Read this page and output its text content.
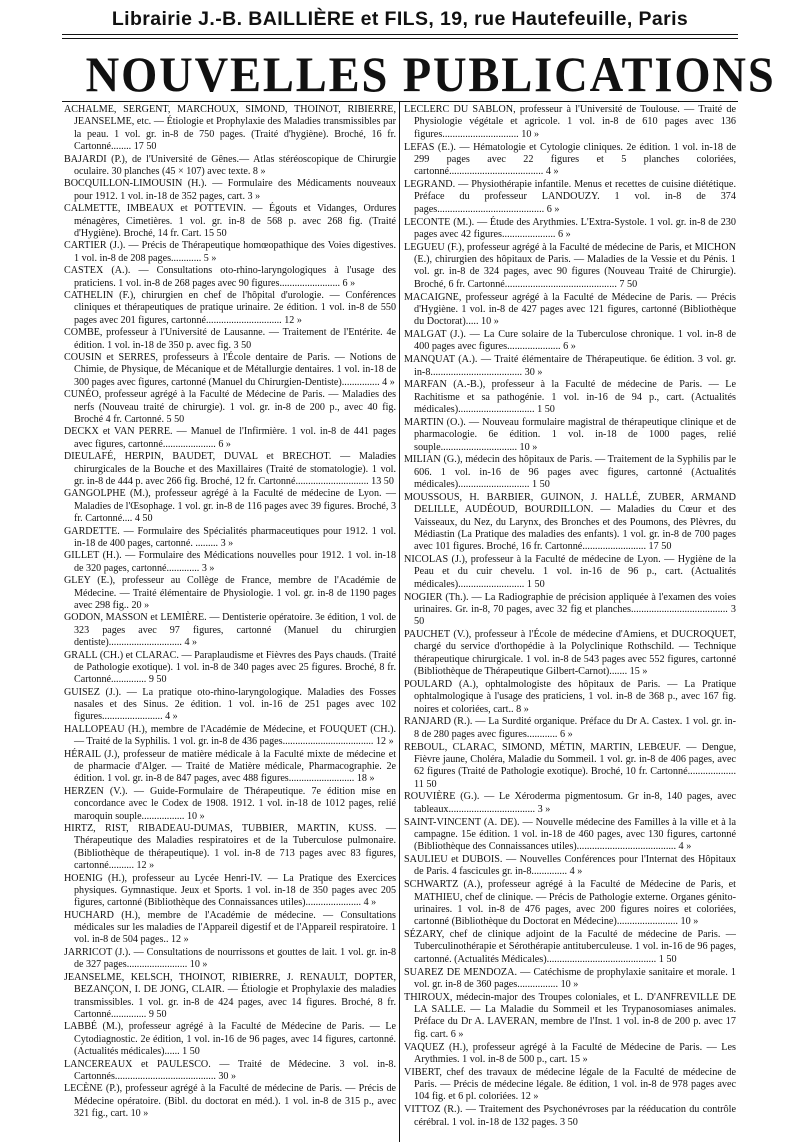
Librairie J.-B. BAILLIÈRE et FILS, 19, rue Hautefeuille, Paris
NOUVELLES PUBLICATIONS

ACHALME, SERGENT, MARCHOUX, SIMOND, THOINOT, RIBIERRE, JEANSELME, etc. — Étiologie et Prophylaxie des Maladies transmissibles par la peau. 1 vol. gr. in-8 de 750 pages. (Traité d'hygiène). Broché, 16 fr. Cartonné........ 17 50

BAJARDI (P.), de l'Université de Gênes.— Atlas stéréoscopique de Chirurgie oculaire. 30 planches (45 × 107) avec texte. 8 »

BOCQUILLON-LIMOUSIN (H.). — Formulaire des Médicaments nouveaux pour 1912. 1 vol. in-18 de 352 pages, cart. 3 »

CALMETTE, IMBEAUX et POTTEVIN. — Égouts et Vidanges, Ordures ménagères, Cimetières. 1 vol. gr. in-8 de 568 p. avec 268 fig. (Traité d'Hygiène). Broché, 14 fr. Cart. 15 50

CARTIER (J.). — Précis de Thérapeutique homœopathique des Voies digestives. 1 vol. in-8 de 208 pages............ 5 »

CASTEX (A.). — Consultations oto-rhino-laryngologiques à l'usage des praticiens. 1 vol. in-8 de 268 pages avec 90 figures........................ 6 »

CATHELIN (F.), chirurgien en chef de l'hôpital d'urologie. — Conférences cliniques et thérapeutiques de pratique urinaire. 2e édition. 1 vol. in-8 de 550 pages avec 201 figures, cartonné.............................. 12 »

COMBE, professeur à l'Université de Lausanne. — Traitement de l'Entérite. 4e édition. 1 vol. in-18 de 350 p. avec fig. 3 50

COUSIN et SERRES, professeurs à l'École dentaire de Paris. — Notions de Chimie, de Physique, de Mécanique et de Métallurgie dentaires. 1 vol. in-18 de 300 pages avec figures, cartonné (Manuel du Chirurgien-Dentiste)............... 4 »

CUNÉO, professeur agrégé à la Faculté de Médecine de Paris. — Maladies des nerfs (Nouveau traité de chirurgie). 1 vol. gr. in-8 de 200 p., avec 40 fig. Broché 4 fr. Cartonné. 5 50

DECKX et VAN PERRE. — Manuel de l'Infirmière. 1 vol. in-8 de 441 pages avec figures, cartonné..................... 6 »

DIEULAFÉ, HERPIN, BAUDET, DUVAL et BRECHOT. — Maladies chirurgicales de la Bouche et des Maxillaires (Traité de stomatologie). 1 vol. gr. in-8 de 444 p. avec 266 fig. Broché, 12 fr. Cartonné............................. 13 50

GANGOLPHE (M.), professeur agrégé à la Faculté de médecine de Lyon. — Maladies de l'Œsophage. 1 vol. gr. in-8 de 116 pages avec 39 figures. Broché, 3 fr. Cartonné.... 4 50

GARDETTE. — Formulaire des Spécialités pharmaceutiques pour 1912. 1 vol. in-18 de 400 pages, cartonné. ......... 3 »

GILLET (H.). — Formulaire des Médications nouvelles pour 1912. 1 vol. in-18 de 320 pages, cartonné............. 3 »

GLEY (E.), professeur au Collège de France, membre de l'Académie de Médecine. — Traité élémentaire de Physiologie. 1 vol. gr. in-8 de 1190 pages avec 298 fig.. 20 »

GODON, MASSON et LEMIÈRE. — Dentisterie opératoire. 3e édition, 1 vol. de 323 pages avec 97 figures, cartonné (Manuel du chirurgien dentiste)............................. 4 »

GRALL (CH.) et CLARAC. — Paraplaudisme et Fièvres des Pays chauds. (Traité de Pathologie exotique). 1 vol. in-8 de 340 pages avec 25 figures. Broché, 8 fr. Cartonné.............. 9 50

GUISEZ (J.). — La pratique oto-rhino-laryngologique. Maladies des Fosses nasales et des Sinus. 2e édition. 1 vol. in-16 de 251 pages avec 102 figures........................ 4 »

HALLOPEAU (H.), membre de l'Académie de Médecine, et FOUQUET (CH.). — Traité de la Syphilis. 1 vol. gr. in-8 de 436 pages.................................... 12 »

HÉRAIL (J.), professeur de matière médicale à la Faculté mixte de médecine et de pharmacie d'Alger. — Traité de Matière médicale, Pharmacographie. 2e édition. 1 vol. gr. in-8 de 847 pages, avec 488 figures.......................... 18 »

HERZEN (V.). — Guide-Formulaire de Thérapeutique. 7e édition mise en concordance avec le Codex de 1908. 1912. 1 vol. in-18 de 1012 pages, relié maroquin souple................. 10 »

HIRTZ, RIST, RIBADEAU-DUMAS, TUBBIER, MARTIN, KUSS. — Thérapeutique des Maladies respiratoires et de la Tuberculose pulmonaire. (Bibliothèque de thérapeutique). 1 vol. in-8 de 713 pages avec 83 figures, cartonné.......... 12 »

HOENIG (H.), professeur au Lycée Henri-IV. — La Pratique des Exercices physiques. Gymnastique. Jeux et Sports. 1 vol. in-18 de 350 pages avec 205 figures, cartonné (Bibliothèque des Connaissances utiles)...................... 4 »

HUCHARD (H.), membre de l'Académie de médecine. — Consultations médicales sur les maladies de l'Appareil digestif et de l'Appareil respiratoire. 1 vol. in-8 de 504 pages.. 12 »

JARRICOT (J.). — Consultations de nourrissons et gouttes de lait. 1 vol. gr. in-8 de 327 pages........................ 10 »

JEANSELME, KELSCH, THOINOT, RIBIERRE, J. RENAULT, DOPTER, BEZANÇON, I. DE JONG, CLAIR. — Étiologie et Prophylaxie des maladies transmissibles. 1 vol. gr. in-8 de 424 pages, avec 14 figures. Broché, 8 fr. Cartonné.............. 9 50

LABBÉ (M.), professeur agrégé à la Faculté de Médecine de Paris. — Le Cytodiagnostic. 2e édition, 1 vol. in-16 de 96 pages, avec 14 figures, cartonné. (Actualités médicales)...... 1 50

LANCEREAUX et PAULESCO. — Traité de Médecine. 3 vol. in-8. Cartonnés........................................ 30 »

LECÈNE (P.), professeur agrégé à la Faculté de médecine de Paris. — Précis de Médecine opératoire. (Bibl. du doctorat en méd.). 1 vol. in-8 de 315 p., avec 321 fig., cart. 10 »

LECLERC DU SABLON, professeur à l'Université de Toulouse. — Traité de Physiologie végétale et agricole. 1 vol. in-8 de 610 pages avec 136 figures.............................. 10 »

LEFAS (E.). — Hématologie et Cytologie cliniques. 2e édition. 1 vol. in-18 de 299 pages avec 22 figures et 5 planches coloriées, cartonné..................................... 4 »

LEGRAND. — Physiothérapie infantile. Menus et recettes de cuisine diététique. Préface du professeur LANDOUZY. 1 vol. in-8 de 374 pages.......................................... 6 »

LECONTE (M.). — Étude des Arythmies. L'Extra-Systole. 1 vol. gr. in-8 de 230 pages avec 42 figures..................... 6 »

LEGUEU (F.), professeur agrégé à la Faculté de médecine de Paris, et MICHON (E.), chirurgien des hôpitaux de Paris. — Maladies de la Vessie et du Pénis. 1 vol. gr. in-8 de 324 pages, avec 90 figures (Nouveau Traité de Chirurgie). Broché, 6 fr. Cartonné............................................ 7 50

MACAIGNE, professeur agrégé à la Faculté de Médecine de Paris. — Précis d'Hygiène. 1 vol. in-8 de 427 pages avec 121 figures, cartonné (Bibliothèque du Doctorat)..... 10 »

MALGAT (J.). — La Cure solaire de la Tuberculose chronique. 1 vol. in-8 de 400 pages avec figures..................... 6 »

MANQUAT (A.). — Traité élémentaire de Thérapeutique. 6e édition. 3 vol. gr. in-8.................................... 30 »

MARFAN (A.-B.), professeur à la Faculté de médecine de Paris. — Le Rachitisme et sa pathogénie. 1 vol. in-16 de 94 p., cart. (Actualités médicales).............................. 1 50

MARTIN (O.). — Nouveau formulaire magistral de thérapeutique clinique et de pharmacologie. 6e édition. 1 vol. in-18 de 1000 pages, relié souple.............................. 10 »

MILIAN (G.), médecin des hôpitaux de Paris. — Traitement de la Syphilis par le 606. 1 vol. in-16 de 96 pages avec figures, cartonné (Actualités médicales)............................ 1 50

MOUSSOUS, H. BARBIER, GUINON, J. HALLÉ, ZUBER, ARMAND DELILLE, AUDÉOUD, BOURDILLON. — Maladies du Cœur et des Vaisseaux, du Nez, du Larynx, des Bronches et des Poumons, des Plèvres, du Médiastin (La Pratique des maladies des enfants). 1 vol. gr. in-8 de 700 pages avec 101 figures. Broché, 16 fr. Cartonné......................... 17 50

NICOLAS (J.), professeur à la Faculté de médecine de Lyon. — Hygiène de la Peau et du cuir chevelu. 1 vol. in-16 de 96 p., cart. (Actualités médicales).......................... 1 50

NOGIER (Th.). — La Radiographie de précision appliquée à l'examen des voies urinaires. Gr. in-8, 70 pages, avec 32 fig et planches...................................... 3 50

PAUCHET (V.), professeur à l'École de médecine d'Amiens, et DUCROQUET, chargé du service d'orthopédie à la Polyclinique Rothschild. — Technique thérapeutique chirurgicale. 1 vol. in-8 de 543 pages avec 552 figures, cartonné (Bibliothèque de Thérapeutique Gilbert-Carnot)....... 15 »

POULARD (A.), ophtalmologiste des hôpitaux de Paris. — La Pratique ophtalmologique à l'usage des praticiens, 1 vol. in-8 de 368 p., avec 167 fig. noires et coloriées, cart.. 8 »

RANJARD (R.). — La Surdité organique. Préface du Dr A. Castex. 1 vol. gr. in-8 de 280 pages avec figures............ 6 »

REBOUL, CLARAC, SIMOND, MÉTIN, MARTIN, LEBŒUF. — Dengue, Fièvre jaune, Choléra, Maladie du Sommeil. 1 vol. gr. in-8 de 406 pages, avec 62 figures (Traité de Pathologie exotique). Broché, 10 fr. Cartonné................... 11 50

ROUVIÈRE (G.). — Le Xéroderma pigmentosum. Gr in-8, 140 pages, avec tableaux.................................. 3 »

SAINT-VINCENT (A. DE). — Nouvelle médecine des Familles à la ville et à la campagne. 15e édition. 1 vol. in-18 de 460 pages, avec 130 figures, cartonné (Bibliothèque des Connaissances utiles)....................................... 4 »

SAULIEU et DUBOIS. — Nouvelles Conférences pour l'Internat des Hôpitaux de Paris. 4 fascicules gr. in-8.............. 4 »

SCHWARTZ (A.), professeur agrégé à la Faculté de Médecine de Paris, et MATHIEU, chef de clinique. — Précis de Pathologie externe. Organes génito-urinaires. 1 vol. in-8 de 476 pages, avec 200 figures noires et coloriées, cartonné (Bibliothèque du Doctorat en Médecine)........................ 10 »

SÉZARY, chef de clinique adjoint de la Faculté de médecine de Paris. — Tuberculinothérapie et Sérothérapie antituberculeuse. 1 vol. in-16 de 96 pages, cartonné. (Actualités Médicales)........................................... 1 50

SUAREZ DE MENDOZA. — Catéchisme de prophylaxie sanitaire et morale. 1 vol. gr. in-8 de 360 pages................ 10 »

THIROUX, médecin-major des Troupes coloniales, et L. D'ANFREVILLE DE LA SALLE. — La Maladie du Sommeil et les Trypanosomiases animales. Préface du Dr A. LAVERAN, membre de l'Inst. 1 vol. in-8 de 200 p. avec 17 fig. cart. 6 »

VAQUEZ (H.), professeur agrégé à la Faculté de Médecine de Paris. — Les Arythmies. 1 vol. in-8 de 500 p., cart. 15 »

VIBERT, chef des travaux de médecine légale de la Faculté de médecine de Paris. — Précis de médecine légale. 8e édition, 1 vol. in-8 de 978 pages avec 104 fig. et 6 pl. coloriées. 12 »

VITTOZ (R.). — Traitement des Psychonévroses par la rééducation du contrôle cérébral. 1 vol. in-18 de 132 pages. 3 50
